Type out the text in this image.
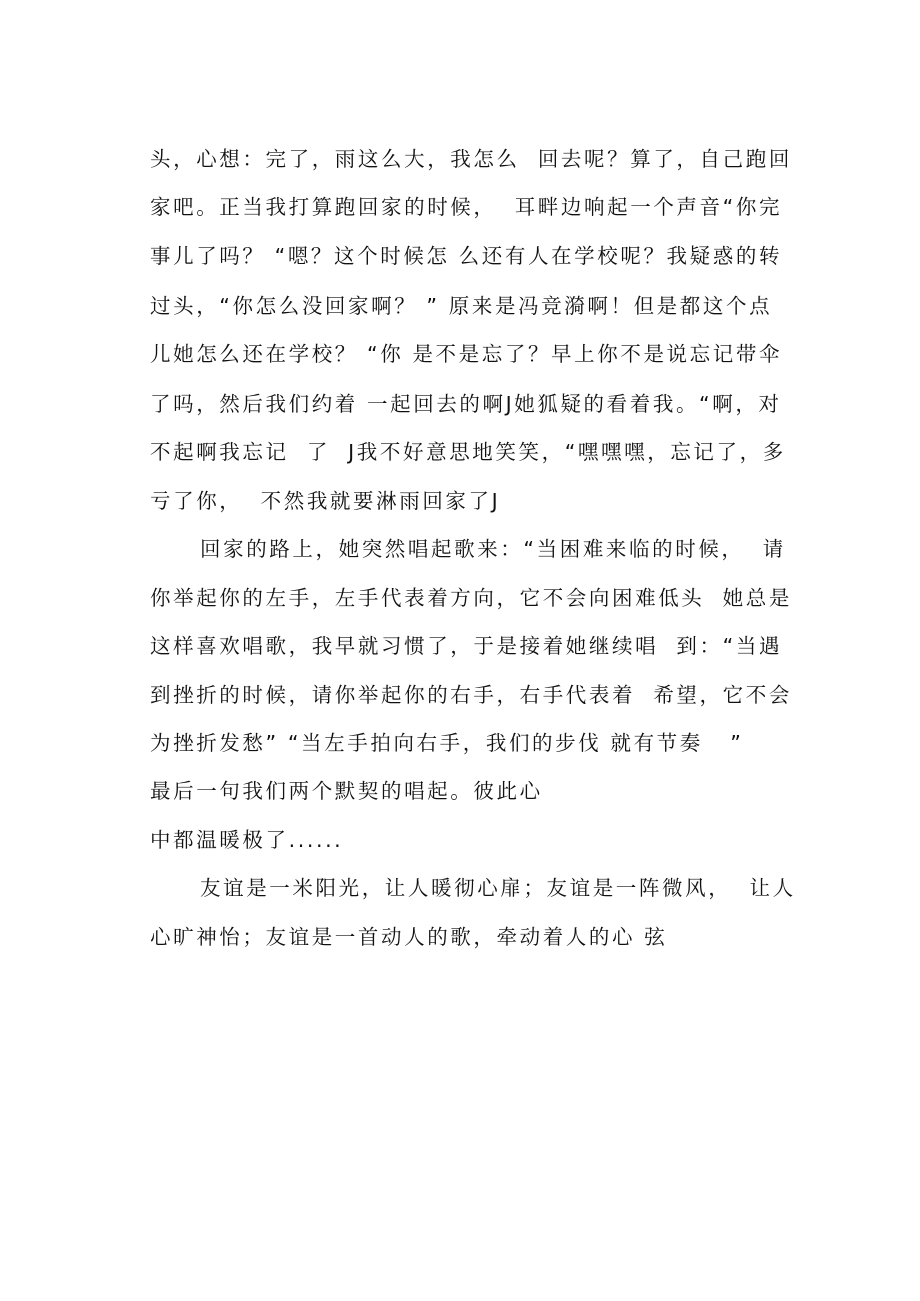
头，心想：完了，雨这么大，我怎么  回去呢？算了，自己跑回
家吧。正当我打算跑回家的时候，  耳畔边响起一个声音“你完
事儿了吗？ “嗯？这个时候怎 么还有人在学校呢？我疑惑的转
过头，“你怎么没回家啊？ ” 原来是冯竞漪啊！但是都这个点
儿她怎么还在学校？ “你 是不是忘了？早上你不是说忘记带伞
了吗，然后我们约着 一起回去的啊J她狐疑的看着我。“啊，对
不起啊我忘记  了  J我不好意思地笑笑，“嘿嘿嘿，忘记了，多
亏了你，  不然我就要淋雨回家了J
回家的路上，她突然唱起歌来：“当困难来临的时候，  请
你举起你的左手，左手代表着方向，它不会向困难低头  她总是
这样喜欢唱歌，我早就习惯了，于是接着她继续唱  到：“当遇
到挫折的时候，请你举起你的右手，右手代表着  希望，它不会
为挫折发愁” “当左手拍向右手，我们的步伐 就有节奏   ”
最后一句我们两个默契的唱起。彼此心
中都温暖极了......
友谊是一米阳光，让人暖彻心扉；友谊是一阵微风，  让人
心旷神怡；友谊是一首动人的歌，牵动着人的心 弦
